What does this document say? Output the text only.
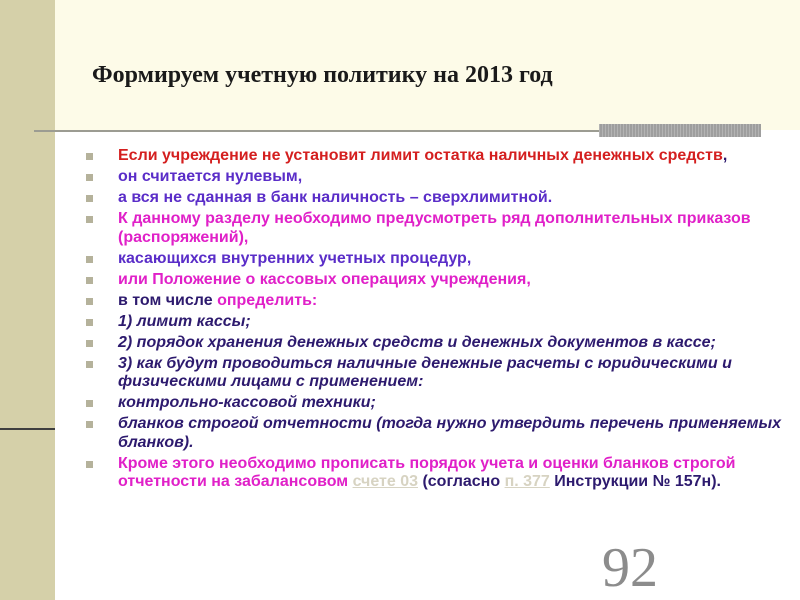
Формируем учетную политику на 2013 год
Если учреждение не установит лимит остатка наличных денежных средств,
он считается нулевым,
а вся не сданная в банк наличность – сверхлимитной.
К данному разделу необходимо предусмотреть ряд дополнительных приказов (распоряжений),
касающихся внутренних учетных процедур,
или Положение о кассовых операциях учреждения,
в том числе определить:
1) лимит кассы;
2) порядок хранения денежных средств и денежных документов в кассе;
3) как будут проводиться наличные денежные расчеты с юридическими и физическими лицами с применением:
контрольно-кассовой техники;
бланков строгой отчетности (тогда нужно утвердить перечень применяемых бланков).
Кроме этого необходимо прописать порядок учета и оценки бланков строгой отчетности на забалансовом счете 03 (согласно п. 377 Инструкции № 157н).
92
